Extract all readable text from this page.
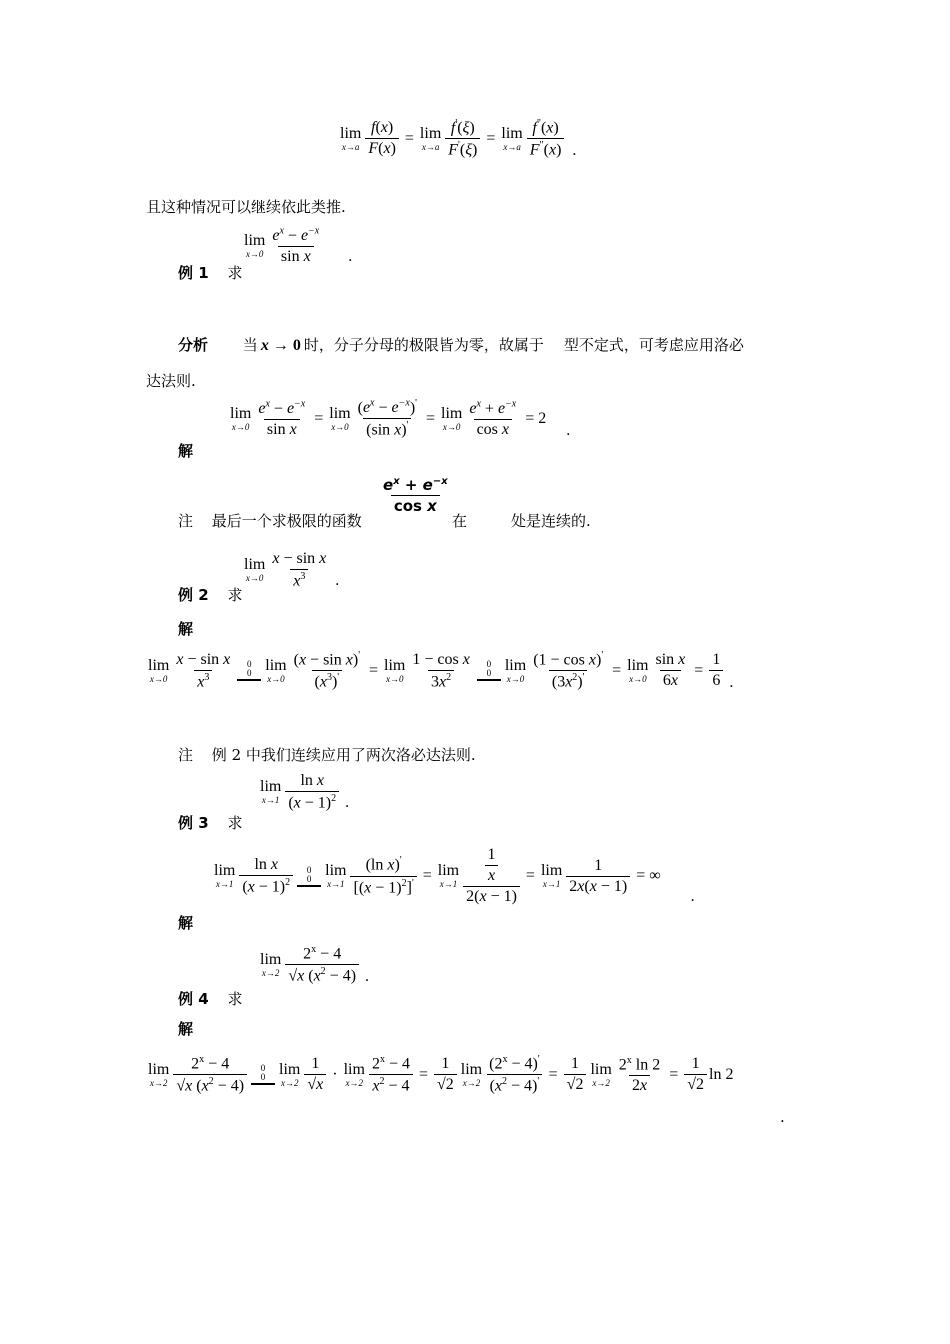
lim
$x\to a \frac{f(x)}{F(x)} = \lim$
$x\to a \frac{f'(\xi)}{F'(\xi)} = \lim$
$x\to a \frac{f^"(x)}{F^"(x)}$ .
且这种情况可以继续依此类推.
例 1 求
lim
$x\to 0 \frac{e^x - e^{-x}}{\text{sin x}}$ .
分析 当 x → 0 时，分子分母的极限皆为零，故属于 型不定式，可考虑应用洛必
达法则.
解
lim
$x\to 0 \frac{e^x - e^{-x}}{\text{sin x}} = \lim$
$x\to 0 \frac{(e^x - e^{-x})'}{(\sin x)'} = \lim$
$x\to 0 \frac{e^x + e^{-x}}{\text{cos x}} = 2$
.
注 最后一个求极限的函数
$\frac{e^x + e^{-x}}{\text{cos x}}$
在	处是连续的.
例 2 求
lim
$x\to 0 \frac{\text{x − sin x}}{x^3}$ .
解
lim
$x\to 0 \frac{\text{x − sin x}}{x^3} 0$
0 lim
$x\to 0 \frac{(x - \sin x)'}{(x^3)'} = \lim$
$x\to 0 \frac{\text{1 − cos x}}{3x^2} 0$
0 lim
$x\to 0 \frac{(1 - \cos x)'}{(3x^2)'} = \lim$
$x\to 0 \frac{\text{sin x}}{6x} = \frac{1}{6}$ .
注 例 2 中我们连续应用了两次洛必达法则.
例 3 求
lim
$x\to 1 \frac{\text{ln x}}{(x - 1)^2}$ .
解
lim
$x\to 1 \frac{\text{ln x}}{(x - 1)^2} 0$
0 lim
$x\to 1 \frac{(\ln x)'}{[(x - 1)^2]'} = \lim$
$x\to 1 \frac{\frac{1}{x}}{2(x - 1)} = \lim$
$x\to 1 \frac{1}{2x(x - 1)}$ = ∞
.
例 4 求
lim
$x\to 2 \frac{2^x - 4}{√x (x^2 - 4)}$ .
解
lim
$x\to 2 \frac{2^x - 4}{√x (x^2 - 4)} 0$
0 lim
$x\to 2 \frac{1}{√x} \cdot \lim$
$x\to 2 \frac{2^x - 4}{x^2 - 4} = \frac{1}{√2}$ lim
$x\to 2 \frac{(2^x - 4)'}{(x^2 - 4)'} = \frac{1}{√2}$ lim
$x\to 2 \frac{2^x \ln 2}{2x} = \frac{1}{√2}$ ln 2
.
